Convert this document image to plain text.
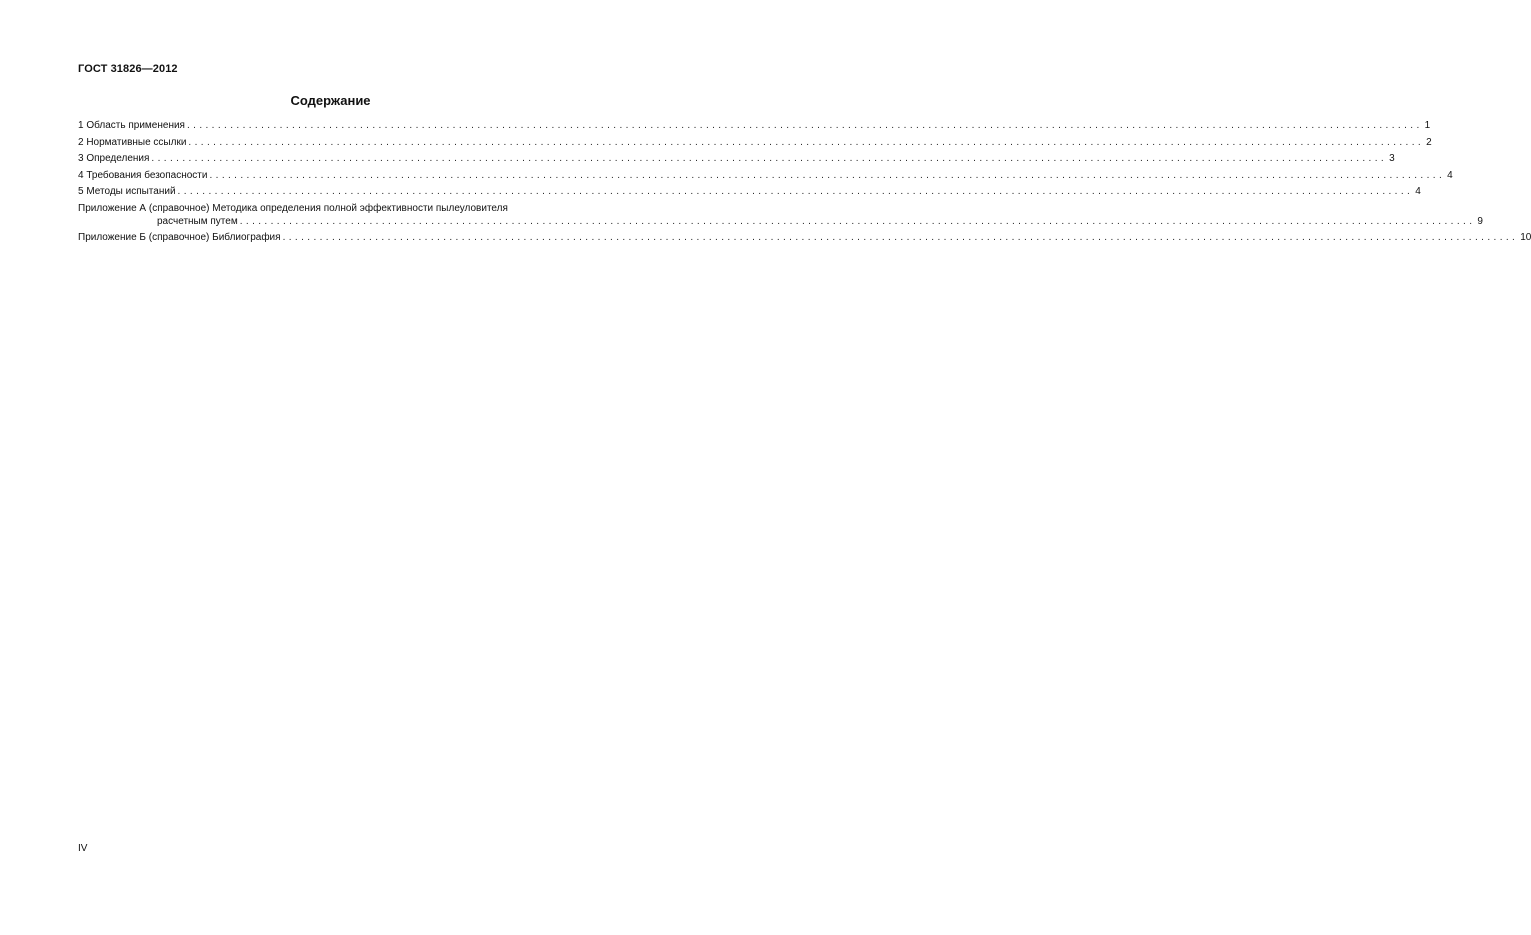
ГОСТ 31826—2012
Содержание
1 Область применения ........................................................................................................................................................................................................ 1
2 Нормативные ссылки ........................................................................................................................................................................................................ 2
3 Определения ........................................................................................................................................................................................................ 3
4 Требования безопасности ........................................................................................................................................................................................................ 4
5 Методы испытаний ........................................................................................................................................................................................................ 4
Приложение А (справочное) Методика определения полной эффективности пылеуловителя
расчетным путем ........................................................................................................................................................................................................ 9
Приложение Б (справочное) Библиография ........................................................................................................................................................................................................ 10
IV
